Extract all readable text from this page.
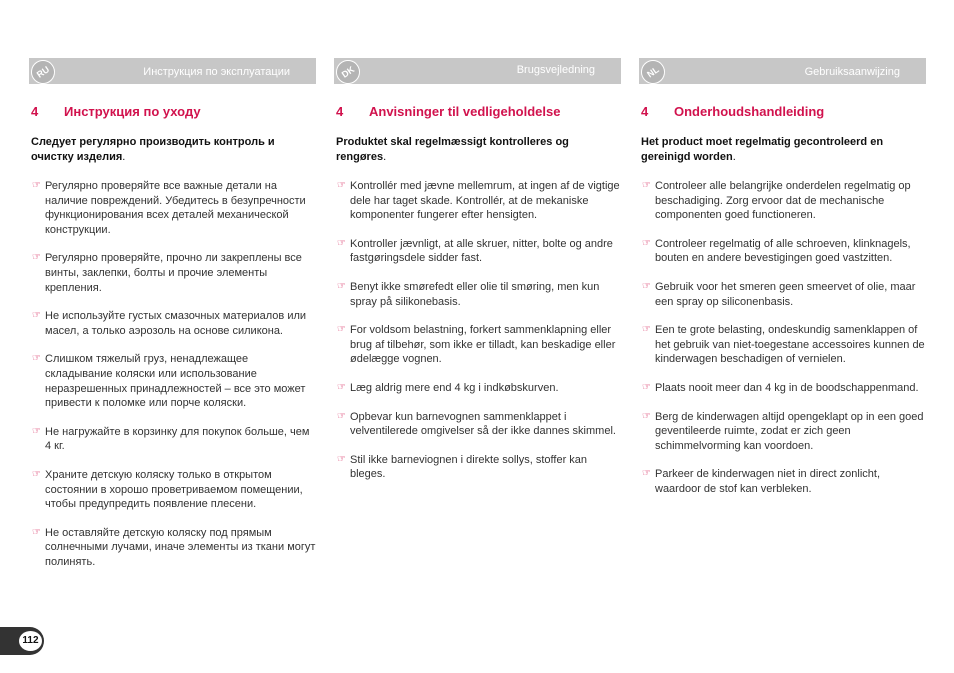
RU	Инструкция по эксплуатации
4	Инструкция по уходу
Следует регулярно производить контроль и очистку изделия.
☞ Регулярно проверяйте все важные детали на наличие повреждений. Убедитесь в безупречности функционирования всех деталей механической конструкции.
☞ Регулярно проверяйте, прочно ли закреплены все винты, заклепки, болты и прочие элементы крепления.
☞ Не используйте густых смазочных материалов или масел, а только аэрозоль на основе силикона.
☞ Слишком тяжелый груз, ненадлежащее складывание коляски или использование неразрешенных принадлежностей – все это может привести к поломке или порче коляски.
☞ Не нагружайте в корзинку для покупок больше, чем 4 кг.
☞ Храните детскую коляску только в открытом состоянии в хорошо проветриваемом помещении, чтобы предупредить появление плесени.
☞ Не оставляйте детскую коляску под прямым солнечными лучами, иначе элементы из ткани могут полинять.
DK	Brugsvejledning
4	Anvisninger til vedligeholdelse
Produktet skal regelmæssigt kontrolleres og rengøres.
☞ Kontrollér med jævne mellemrum, at ingen af de vigtige dele har taget skade. Kontrollér, at de mekaniske komponenter fungerer efter hensigten.
☞ Kontroller jævnligt, at alle skruer, nitter, bolte og andre fastgøringsdele sidder fast.
☞ Benyt ikke smørefedt eller olie til smøring, men kun spray på silikonebasis.
☞ For voldsom belastning, forkert sammenklapning eller brug af tilbehør, som ikke er tilladt, kan beskadige eller ødelægge vognen.
☞ Læg aldrig mere end 4 kg i indkøbskurven.
☞ Opbevar kun barnevognen sammenklappet i velventilerede omgivelser så der ikke dannes skimmel.
☞ Stil ikke barneviognen i direkte sollys, stoffer kan bleges.
NL	Gebruiksaanwijzing
4	Onderhoudshandleiding
Het product moet regelmatig gecontroleerd en gereinigd worden.
☞ Controleer alle belangrijke onderdelen regelmatig op beschadiging. Zorg ervoor dat de mechanische componenten goed functioneren.
☞ Controleer regelmatig of alle schroeven, klinknagels, bouten en andere bevestigingen goed vastzitten.
☞ Gebruik voor het smeren geen smeervet of olie, maar een spray op siliconenbasis.
☞ Een te grote belasting, ondeskundig samenklappen of het gebruik van niet-toegestane accessoires kunnen de kinderwagen beschadigen of vernielen.
☞ Plaats nooit meer dan 4 kg in de boodschappenmand.
☞ Berg de kinderwagen altijd opengeklapt op in een goed geventileerde ruimte, zodat er zich geen schimmelvorming kan voordoen.
☞ Parkeer de kinderwagen niet in direct zonlicht, waardoor de stof kan verbleken.
112
